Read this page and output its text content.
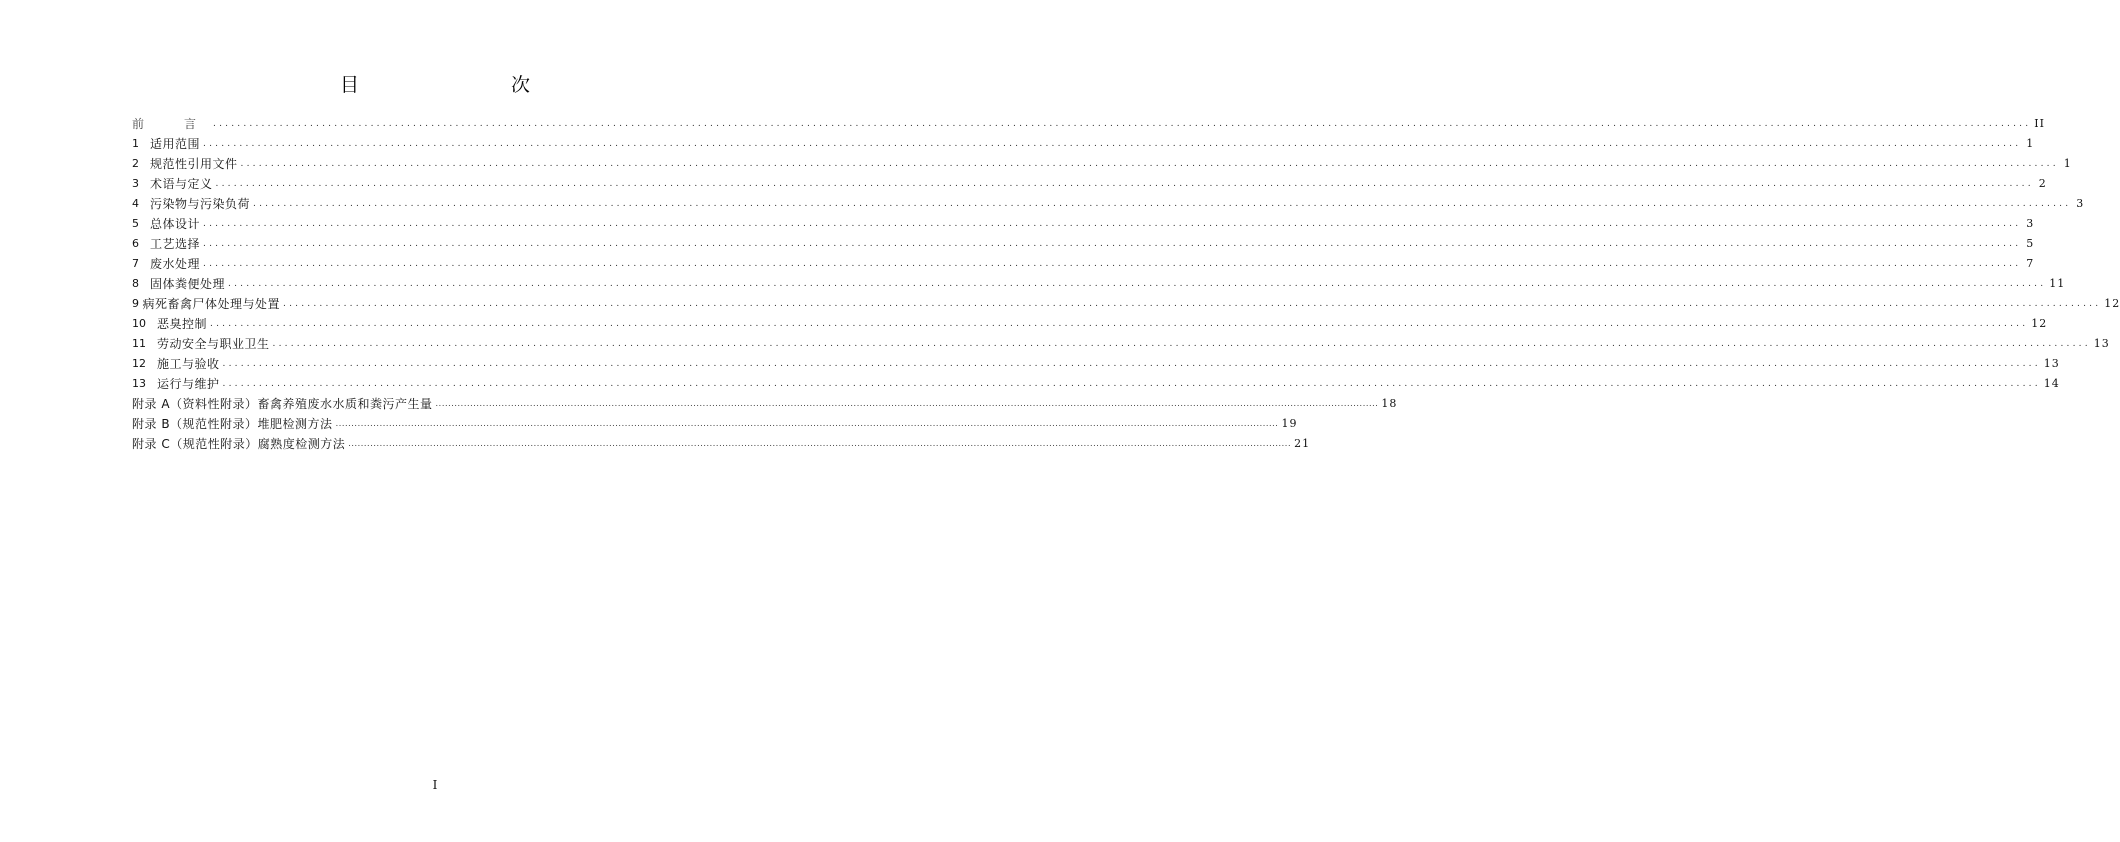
目　　次
前　言 ............................................................................................................................................................................................................................................................................................................ II
1　 适用范围 ............................................................................................................................................................................................................................................................................................................ 1
2　 规范性引用文件 ............................................................................................................................................................................................................................................................................................................ 1
3　 术语与定义 ............................................................................................................................................................................................................................................................................................................ 2
4　 污染物与污染负荷 ............................................................................................................................................................................................................................................................................................................ 3
5　 总体设计 ............................................................................................................................................................................................................................................................................................................ 3
6　 工艺选择 ............................................................................................................................................................................................................................................................................................................ 5
7　 废水处理 ............................................................................................................................................................................................................................................................................................................ 7
8　 固体粪便处理 ............................................................................................................................................................................................................................................................................................................ 11
9 病死畜禽尸体处理与处置 ............................................................................................................................................................................................................................................................................................................ 12
10　 恶臭控制 ............................................................................................................................................................................................................................................................................................................ 12
11　 劳动安全与职业卫生 ............................................................................................................................................................................................................................................................................................................ 13
12　 施工与验收 ............................................................................................................................................................................................................................................................................................................ 13
13　 运行与维护 ............................................................................................................................................................................................................................................................................................................ 14
附录 A（资料性附录）畜禽养殖废水水质和粪污产生量 ............................................................................................................................................................................................................................................................................................................ 18
附录 B（规范性附录）堆肥检测方法 ............................................................................................................................................................................................................................................................................................................ 19
附录 C（规范性附录）腐熟度检测方法 ............................................................................................................................................................................................................................................................................................................ 21
I
